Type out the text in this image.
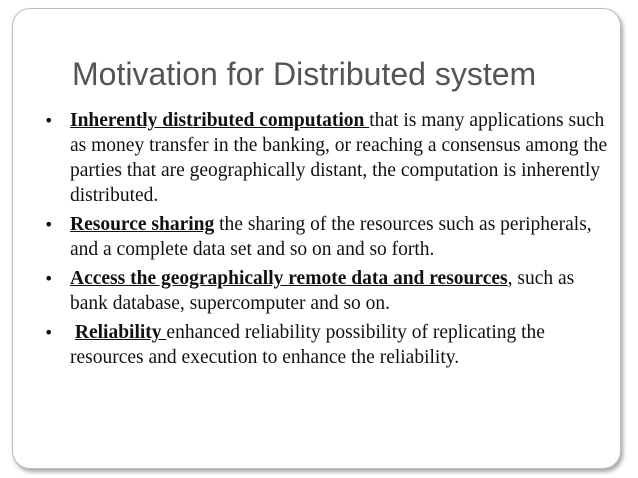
Motivation for Distributed system
• Inherently distributed computation that is many applications such as money transfer in the banking, or reaching a consensus among the parties that are geographically distant, the computation is inherently distributed.
• Resource sharing the sharing of the resources such as peripherals, and a complete data set and so on and so forth.
• Access the geographically remote data and resources, such as bank database, supercomputer and so on.
• Reliability enhanced reliability possibility of replicating the resources and execution to enhance the reliability.
